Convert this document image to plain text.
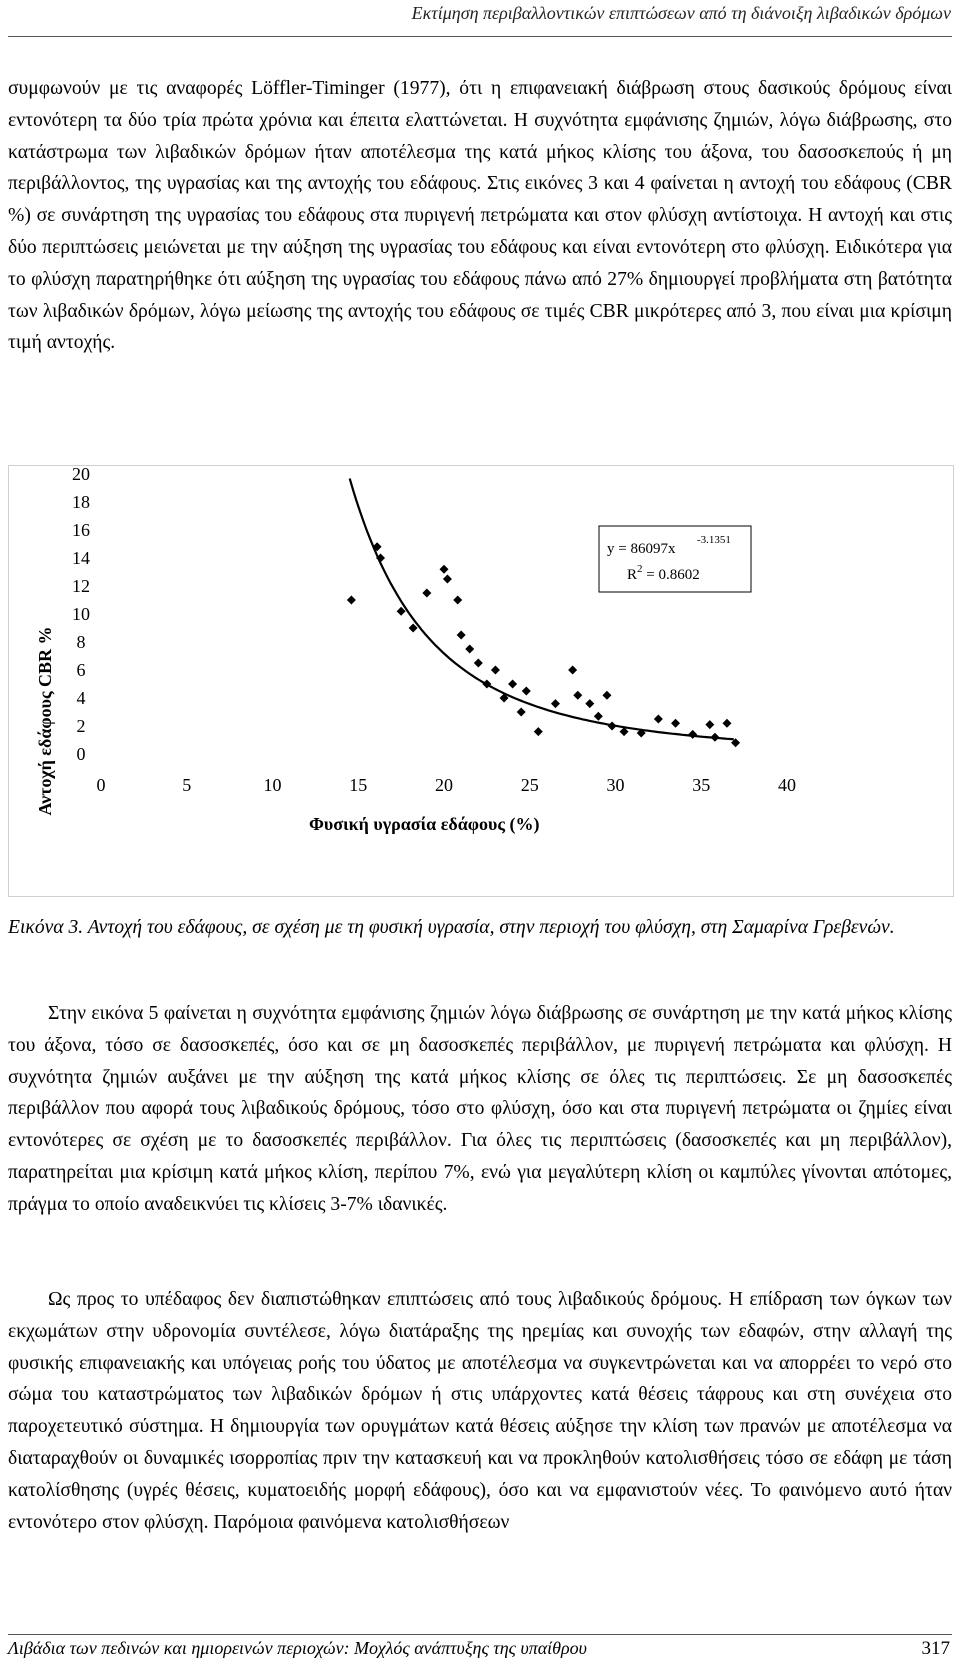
Εκτίμηση περιβαλλοντικών επιπτώσεων από τη διάνοιξη λιβαδικών δρόμων

συμφωνούν με τις αναφορές Löffler-Timinger (1977), ότι η επιφανειακή διάβρωση στους δασικούς δρόμους είναι εντονότερη τα δύο τρία πρώτα χρόνια και έπειτα ελαττώνεται. Η συχνότητα εμφάνισης ζημιών, λόγω διάβρωσης, στο κατάστρωμα των λιβαδικών δρόμων ήταν αποτέλεσμα της κατά μήκος κλίσης του άξονα, του δασοσκεπούς ή μη περιβάλλοντος, της υγρασίας και της αντοχής του εδάφους. Στις εικόνες 3 και 4 φαίνεται η αντοχή του εδάφους (CBR %) σε συνάρτηση της υγρασίας του εδάφους στα πυριγενή πετρώματα και στον φλύσχη αντίστοιχα. Η αντοχή και στις δύο περιπτώσεις μειώνεται με την αύξηση της υγρασίας του εδάφους και είναι εντονότερη στο φλύσχη. Ειδικότερα για το φλύσχη παρατηρήθηκε ότι αύξηση της υγρασίας του εδάφους πάνω από 27% δημιουργεί προβλήματα στη βατότητα των λιβαδικών δρόμων, λόγω μείωσης της αντοχής του εδάφους σε τιμές CBR μικρότερες από 3, που είναι μια κρίσιμη τιμή αντοχής.

0
2
4
6
8
10
12
14
16
18
20
0	5	10	15	20	25	30	35	40
y = 86097x
-3.1351
$R^2 = 0.8602$
Φυσική υγρασία εδάφους (%)
Αντοχή εδάφους CBR %

Εικόνα 3. Αντοχή του εδάφους, σε σχέση με τη φυσική υγρασία, στην περιοχή του φλύσχη, στη Σαμαρίνα Γρεβενών.

Στην εικόνα 5 φαίνεται η συχνότητα εμφάνισης ζημιών λόγω διάβρωσης σε συνάρτηση με την κατά μήκος κλίσης του άξονα, τόσο σε δασοσκεπές, όσο και σε μη δασοσκεπές περιβάλλον, με πυριγενή πετρώματα και φλύσχη. Η συχνότητα ζημιών αυξάνει με την αύξηση της κατά μήκος κλίσης σε όλες τις περιπτώσεις. Σε μη δασοσκεπές περιβάλλον που αφορά τους λιβαδικούς δρόμους, τόσο στο φλύσχη, όσο και στα πυριγενή πετρώματα οι ζημίες είναι εντονότερες σε σχέση με το δασοσκεπές περιβάλλον. Για όλες τις περιπτώσεις (δασοσκεπές και μη περιβάλλον), παρατηρείται μια κρίσιμη κατά μήκος κλίση, περίπου 7%, ενώ για μεγαλύτερη κλίση οι καμπύλες γίνονται απότομες, πράγμα το οποίο αναδεικνύει τις κλίσεις 3-7% ιδανικές.

Ως προς το υπέδαφος δεν διαπιστώθηκαν επιπτώσεις από τους λιβαδικούς δρόμους. Η επίδραση των όγκων των εκχωμάτων στην υδρονομία συντέλεσε, λόγω διατάραξης της ηρεμίας και συνοχής των εδαφών, στην αλλαγή της φυσικής επιφανειακής και υπόγειας ροής του ύδατος με αποτέλεσμα να συγκεντρώνεται και να απορρέει το νερό στο σώμα του καταστρώματος των λιβαδικών δρόμων ή στις υπάρχοντες κατά θέσεις τάφρους και στη συνέχεια στο παροχετευτικό σύστημα. Η δημιουργία των ορυγμάτων κατά θέσεις αύξησε την κλίση των πρανών με αποτέλεσμα να διαταραχθούν οι δυναμικές ισορροπίας πριν την κατασκευή και να προκληθούν κατολισθήσεις τόσο σε εδάφη με τάση κατολίσθησης (υγρές θέσεις, κυματοειδής μορφή εδάφους), όσο και να εμφανιστούν νέες. Το φαινόμενο αυτό ήταν εντονότερο στον φλύσχη. Παρόμοια φαινόμενα κατολισθήσεων

Λιβάδια των πεδινών και ημιορεινών περιοχών: Μοχλός ανάπτυξης της υπαίθρου	317
